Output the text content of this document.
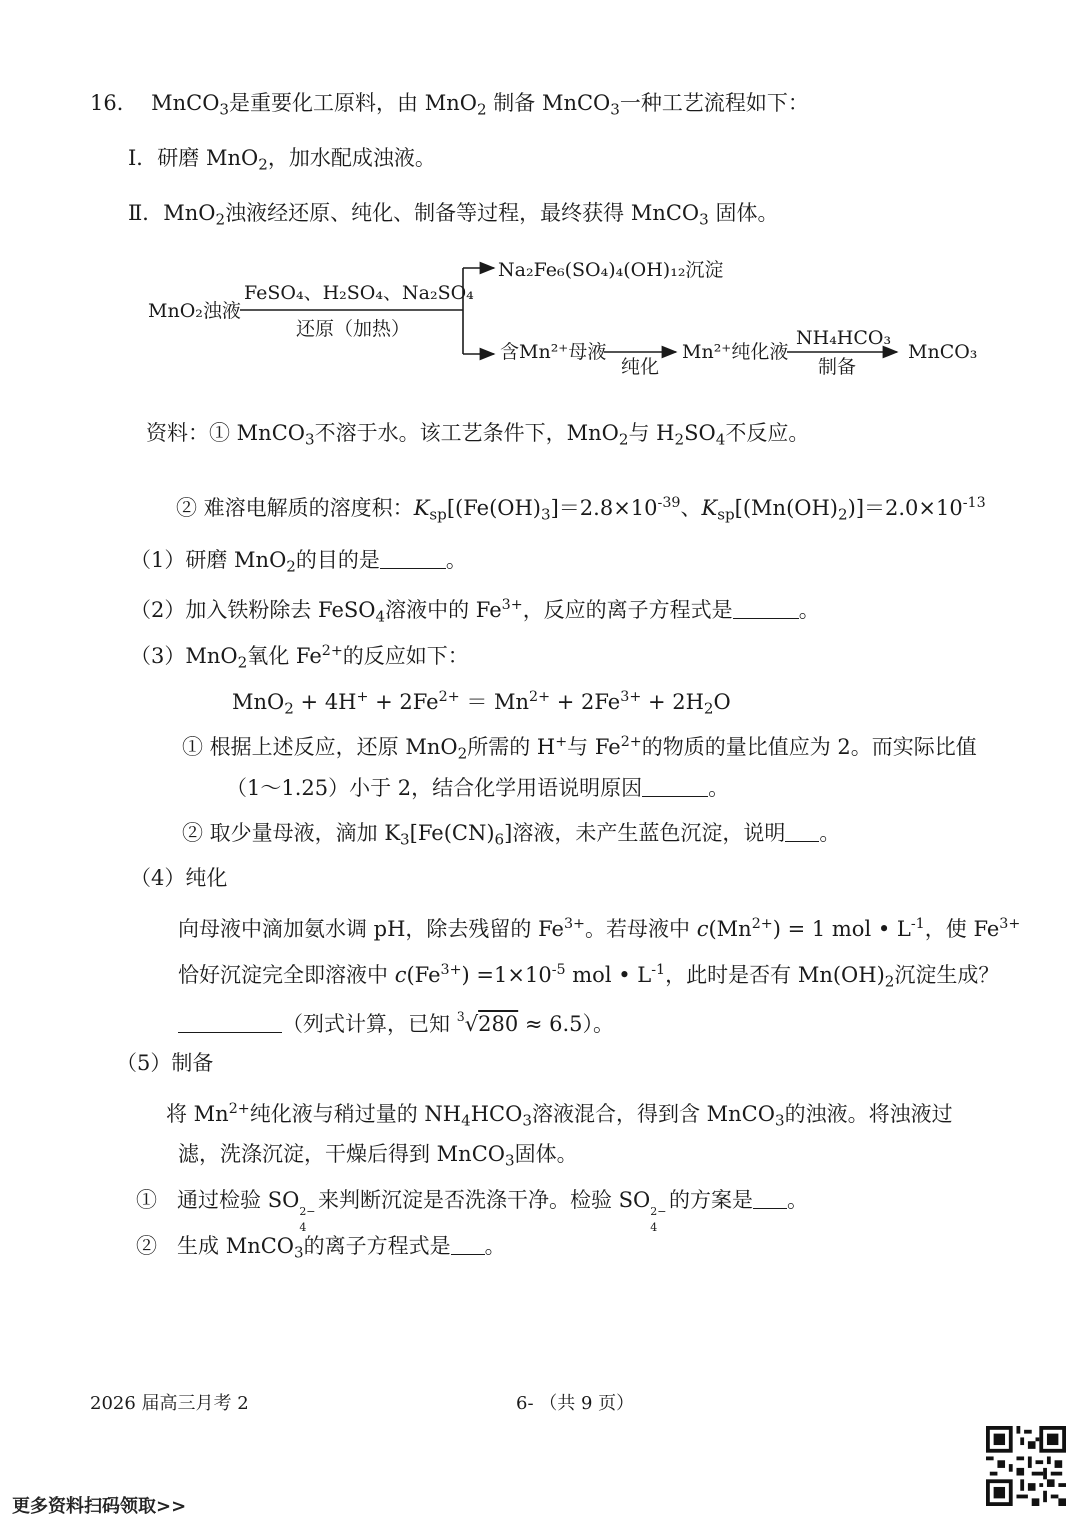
16． MnCO$_3$是重要化工原料，由 MnO$_2$ 制备 MnCO$_3$一种工艺流程如下：
Ⅰ．研磨 MnO$_2$，加水配成浊液。
Ⅱ．MnO$_2$浊液经还原、纯化、制备等过程，最终获得 MnCO$_3$ 固体。
MnO₂浊液
FeSO₄、H₂SO₄、Na₂SO₄
还原（加热）
Na₂Fe₆(SO₄)₄(OH)₁₂沉淀
含Mn²⁺母液
纯化
Mn²⁺纯化液
NH₄HCO₃
制备
MnCO₃
资料：① MnCO$_3$不溶于水。该工艺条件下，MnO$_2$与 $H_2SO_4$不反应。
② 难溶电解质的溶度积：$K_{sp}[(Fe(OH)_3]=2.8\times 10^{-39}$、$K_{sp}[(Mn(OH)_2)]=2.0\times 10^{-13}$
（1）研磨 MnO$_2$的目的是	。
（2）加入铁粉除去 FeSO$_4$溶液中的 $Fe^{3+}$，反应的离子方程式是	。
（3）MnO$_2$氧化 $Fe^{2+}$的反应如下：
$MnO_2 + 4H^+ + 2Fe^{2+} = Mn^{2+} + 2Fe^{3+} + 2H_2O$
① 根据上述反应，还原 MnO$_2$所需的 H+与 $Fe^{2+}$的物质的量比值应为 2。而实际比值
（1～1.25）小于 2，结合化学用语说明原因	。
② 取少量母液，滴加 $K_3[Fe(CN)_6]$溶液，未产生蓝色沉淀，说明 。
（4）纯化
向母液中滴加氨水调 pH，除去残留的 $Fe^{3+}$。若母液中 $c(Mn^{2+}) = 1$ mol • $L^{-1}$，使 $Fe^{3+}$
恰好沉淀完全即溶液中 $c(Fe^{3+}) =1\times 10^{-5}$ mol • $L^{-1}$，此时是否有 $Mn(OH)_2$沉淀生成？
（列式计算，已知 $^3$√280 ≈ 6.5）。
（5）制备
将 $Mn^{2+}$纯化液与稍过量的 $NH_4HCO_3$溶液混合，得到含 MnCO$_3$的浊液。将浊液过
滤，洗涤沉淀，干燥后得到 MnCO$_3$固体。
① 通过检验 SO 2−
4
来判断沉淀是否洗涤干净。检验 SO 2−
4
的方案是 。
② 生成 MnCO$_3$的离子方程式是 。
2026 届高三月考 2	6- （共 9 页）
更多资料扫码领取>>
